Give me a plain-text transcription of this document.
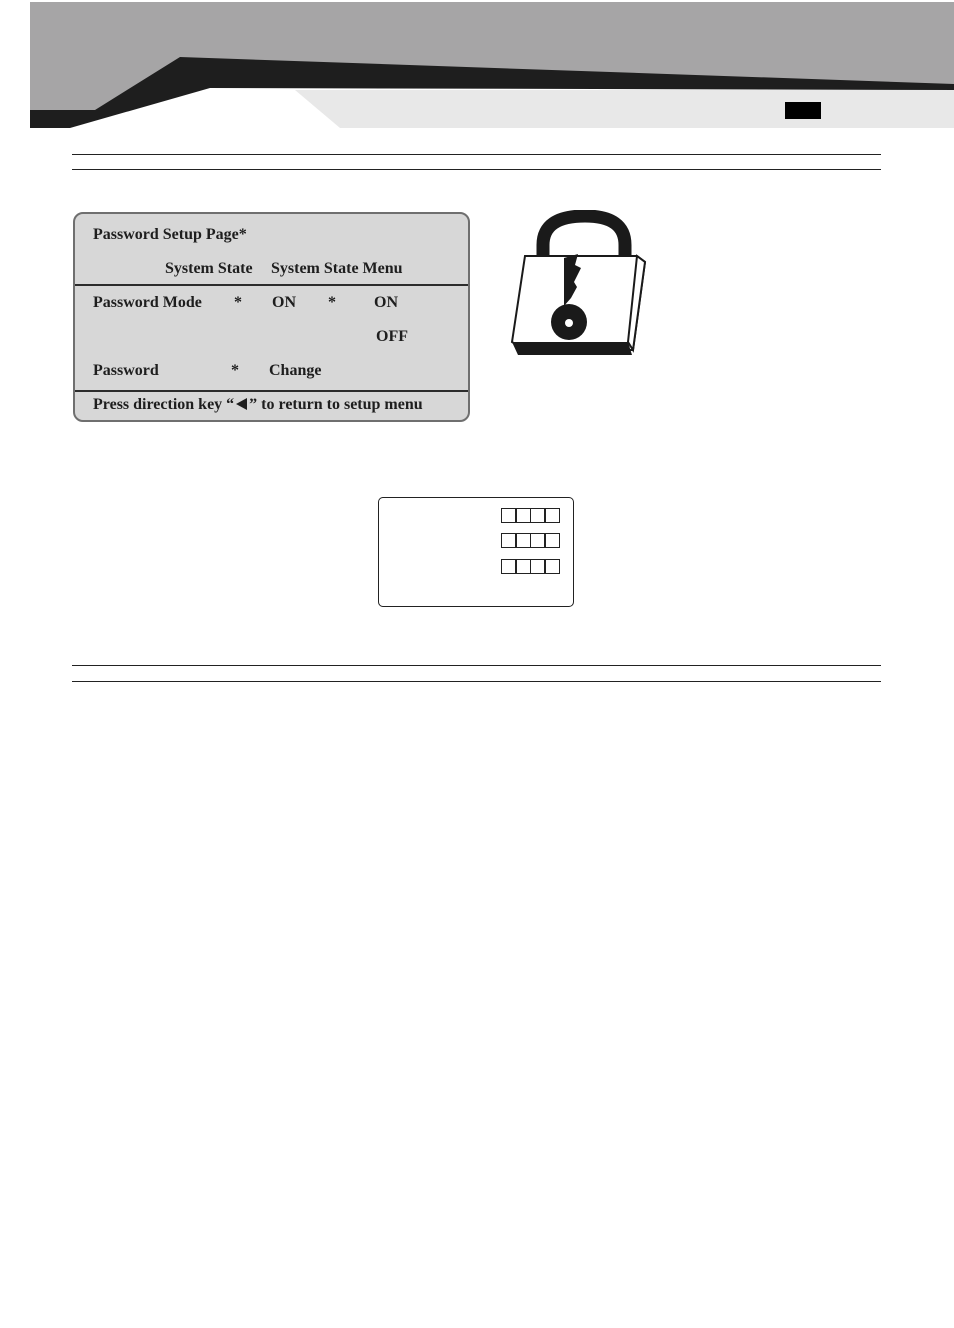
Password Setup Page*
System State System State Menu
Password Mode * ON * ON
OFF
Password	* Change
Press direction key “ ” to return to setup menu
